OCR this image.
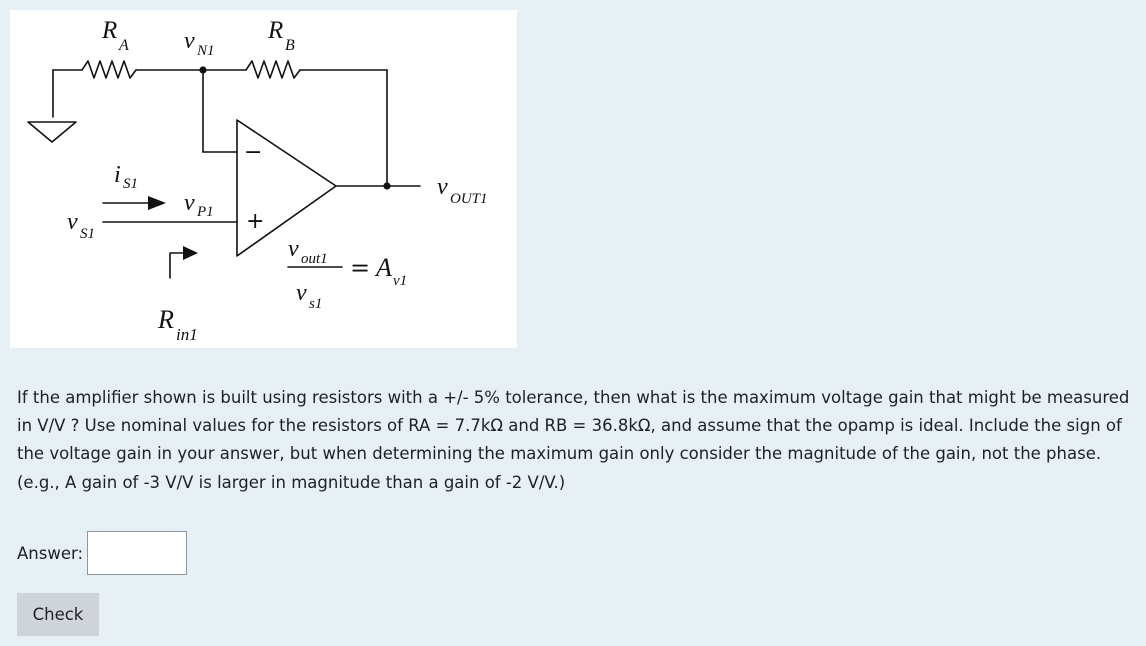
R
A v N1
R
B
i S1
v P1
v S1
v OUT1
R
in1
−
+
v out1
v s1
= A v1
If the amplifier shown is built using resistors with a +/- 5% tolerance, then what is the maximum voltage gain that might be measured in V/V ? Use nominal values for the resistors of RA = 7.7kΩ and RB = 36.8kΩ, and assume that the opamp is ideal. Include the sign of the voltage gain in your answer, but when determining the maximum gain only consider the magnitude of the gain, not the phase. (e.g., A gain of -3 V/V is larger in magnitude than a gain of -2 V/V.)
Answer:
Check
